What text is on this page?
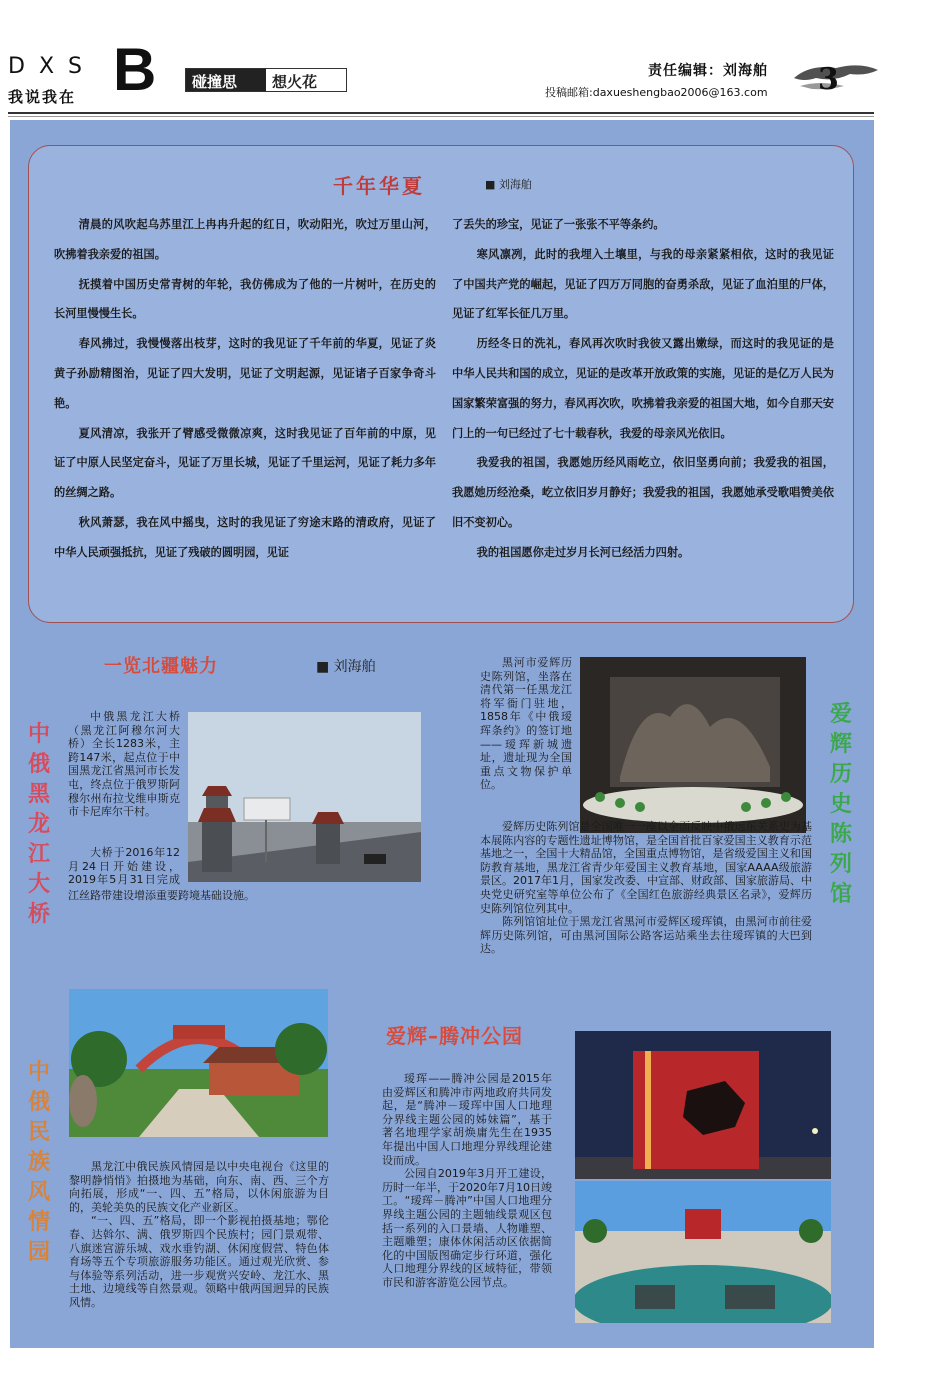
DXS
我说我在 B	碰撞思	想火花
责任编辑：刘海舶
投稿邮箱:daxueshengbao2006@163.com 3
千年华夏	■ 刘海舶

清晨的风吹起乌苏里江上冉冉升起的红日，吹动阳光，吹过万里山河，吹拂着我亲爱的祖国。

抚摸着中国历史常青树的年轮，我仿佛成为了他的一片树叶，在历史的长河里慢慢生长。

春风拂过，我慢慢落出枝芽，这时的我见证了千年前的华夏，见证了炎黄子孙励精图治，见证了四大发明，见证了文明起源，见证诸子百家争奇斗艳。

夏风清凉，我张开了臂感受微微凉爽，这时我见证了百年前的中原，见证了中原人民坚定奋斗，见证了万里长城，见证了千里运河，见证了耗力多年的丝绸之路。

秋风萧瑟，我在风中摇曳，这时的我见证了穷途末路的清政府，见证了中华人民顽强抵抗，见证了残破的圆明园，见证

了丢失的珍宝，见证了一张张不平等条约。

寒风凛冽，此时的我埋入土壤里，与我的母亲紧紧相依，这时的我见证了中国共产党的崛起，见证了四万万同胞的奋勇杀敌，见证了血泊里的尸体，见证了红军长征几万里。

历经冬日的洗礼，春风再次吹时我彼又露出嫩绿，而这时的我见证的是中华人民共和国的成立，见证的是改革开放政策的实施，见证的是亿万人民为国家繁荣富强的努力，春风再次吹，吹拂着我亲爱的祖国大地，如今自那天安门上的一句已经过了七十载春秋，我爱的母亲风光依旧。

我爱我的祖国，我愿她历经风雨屹立，依旧坚勇向前；我爱我的祖国，我愿她历经沧桑，屹立依旧岁月静好；我爱我的祖国，我愿她承受歌唱赞美依旧不变初心。

我的祖国愿你走过岁月长河已经活力四射。

一览北疆魅力	■ 刘海舶
中俄黑龙江大桥

中俄黑龙江大桥（黑龙江阿穆尔河大桥）全长1283米，主跨147米，起点位于中国黑龙江省黑河市长发屯，终点位于俄罗斯阿穆尔州布拉戈维申斯克市卡尼库尔干村。

大桥于2016年12月24日开始建设，2019年5月31日完成

江丝路带建设增添重要跨境基础设施。

黑河市爱辉历史陈列馆，坐落在清代第一任黑龙江将军衙门驻地，1858年《中俄瑷珲条约》的签订地——瑷珲新城遗址，遗址现为全国重点文物保护单位。

爱辉历史陈列馆是全国唯一一座以全面反映中俄远东关系史为基本展陈内容的专题性遗址博物馆，是全国首批百家爱国主义教育示范基地之一，全国十大精品馆，全国重点博物馆，是省级爱国主义和国防教育基地，黑龙江省青少年爱国主义教育基地，国家AAAA级旅游景区。2017年1月，国家发改委、中宣部、财政部、国家旅游局、中央党史研究室等单位公布了《全国红色旅游经典景区名录》，爱辉历史陈列馆位列其中。

陈列馆馆址位于黑龙江省黑河市爱辉区瑷珲镇，由黑河市前往爱辉历史陈列馆，可由黑河国际公路客运站乘坐去往瑷珲镇的大巴到达。

爱辉历史陈列馆
中俄民族风情园

黑龙江中俄民族风情园是以中央电视台《这里的黎明静悄悄》拍摄地为基础，向东、南、西、三个方向拓展，形成“一、四、五”格局，以休闲旅游为目的，美轮美奂的民族文化产业新区。

“一、四、五”格局，即一个影视拍摄基地；鄂伦春、达斡尔、满、俄罗斯四个民族村；园门景观带、八旗迷宫游乐城、戏水垂钓湖、休闲度假营、特色体育场等五个专项旅游服务功能区。通过观光欣赏、参与体验等系列活动，进一步观赏兴安岭、龙江水、黑土地、边境线等自然景观。领略中俄两国迥异的民族风情。

爱辉–腾冲公园

瑷珲——腾冲公园是2015年由爱辉区和腾冲市两地政府共同发起，是“腾冲－瑷珲中国人口地理分界线主题公园的姊妹篇”，基于著名地理学家胡焕庸先生在1935年提出中国人口地理分界线理论建设而成。

公园自2019年3月开工建设，历时一年半，于2020年7月10日竣工。“瑷珲－腾冲”中国人口地理分界线主题公园的主题轴线景观区包括一系列的入口景墙、人物雕塑、主题雕塑；康体休闲活动区依据简化的中国版图确定步行环道，强化人口地理分界线的区域特征，带领市民和游客游览公园节点。
